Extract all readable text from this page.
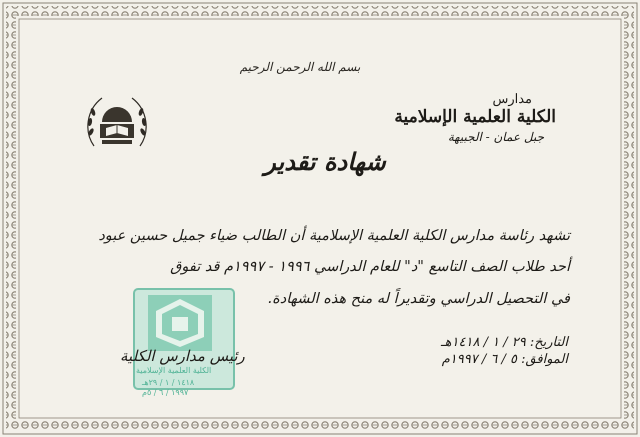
بسم الله الرحمن الرحيم
مدارس
الكلية العلمية الإسلامية
جبل عمان - الجبيهة
شهادة تقدير
تشهد رئاسة مدارس الكلية العلمية الإسلامية أن الطالب ضياء جميل حسين عبود
أحد طلاب الصف التاسع "د" للعام الدراسي ١٩٩٦ - ١٩٩٧م قد تفوق
في التحصيل الدراسي وتقديراً له منح هذه الشهادة.
التاريخ: ٢٩ / ١ / ١٤١٨هـ
الموافق: ٥ / ٦ / ١٩٩٧م
رئيس مدارس الكلية
الكلية العلمية الإسلامية
١٤١٨ / ١ / ٢٩هـ
١٩٩٧ / ٦ / ٥م
